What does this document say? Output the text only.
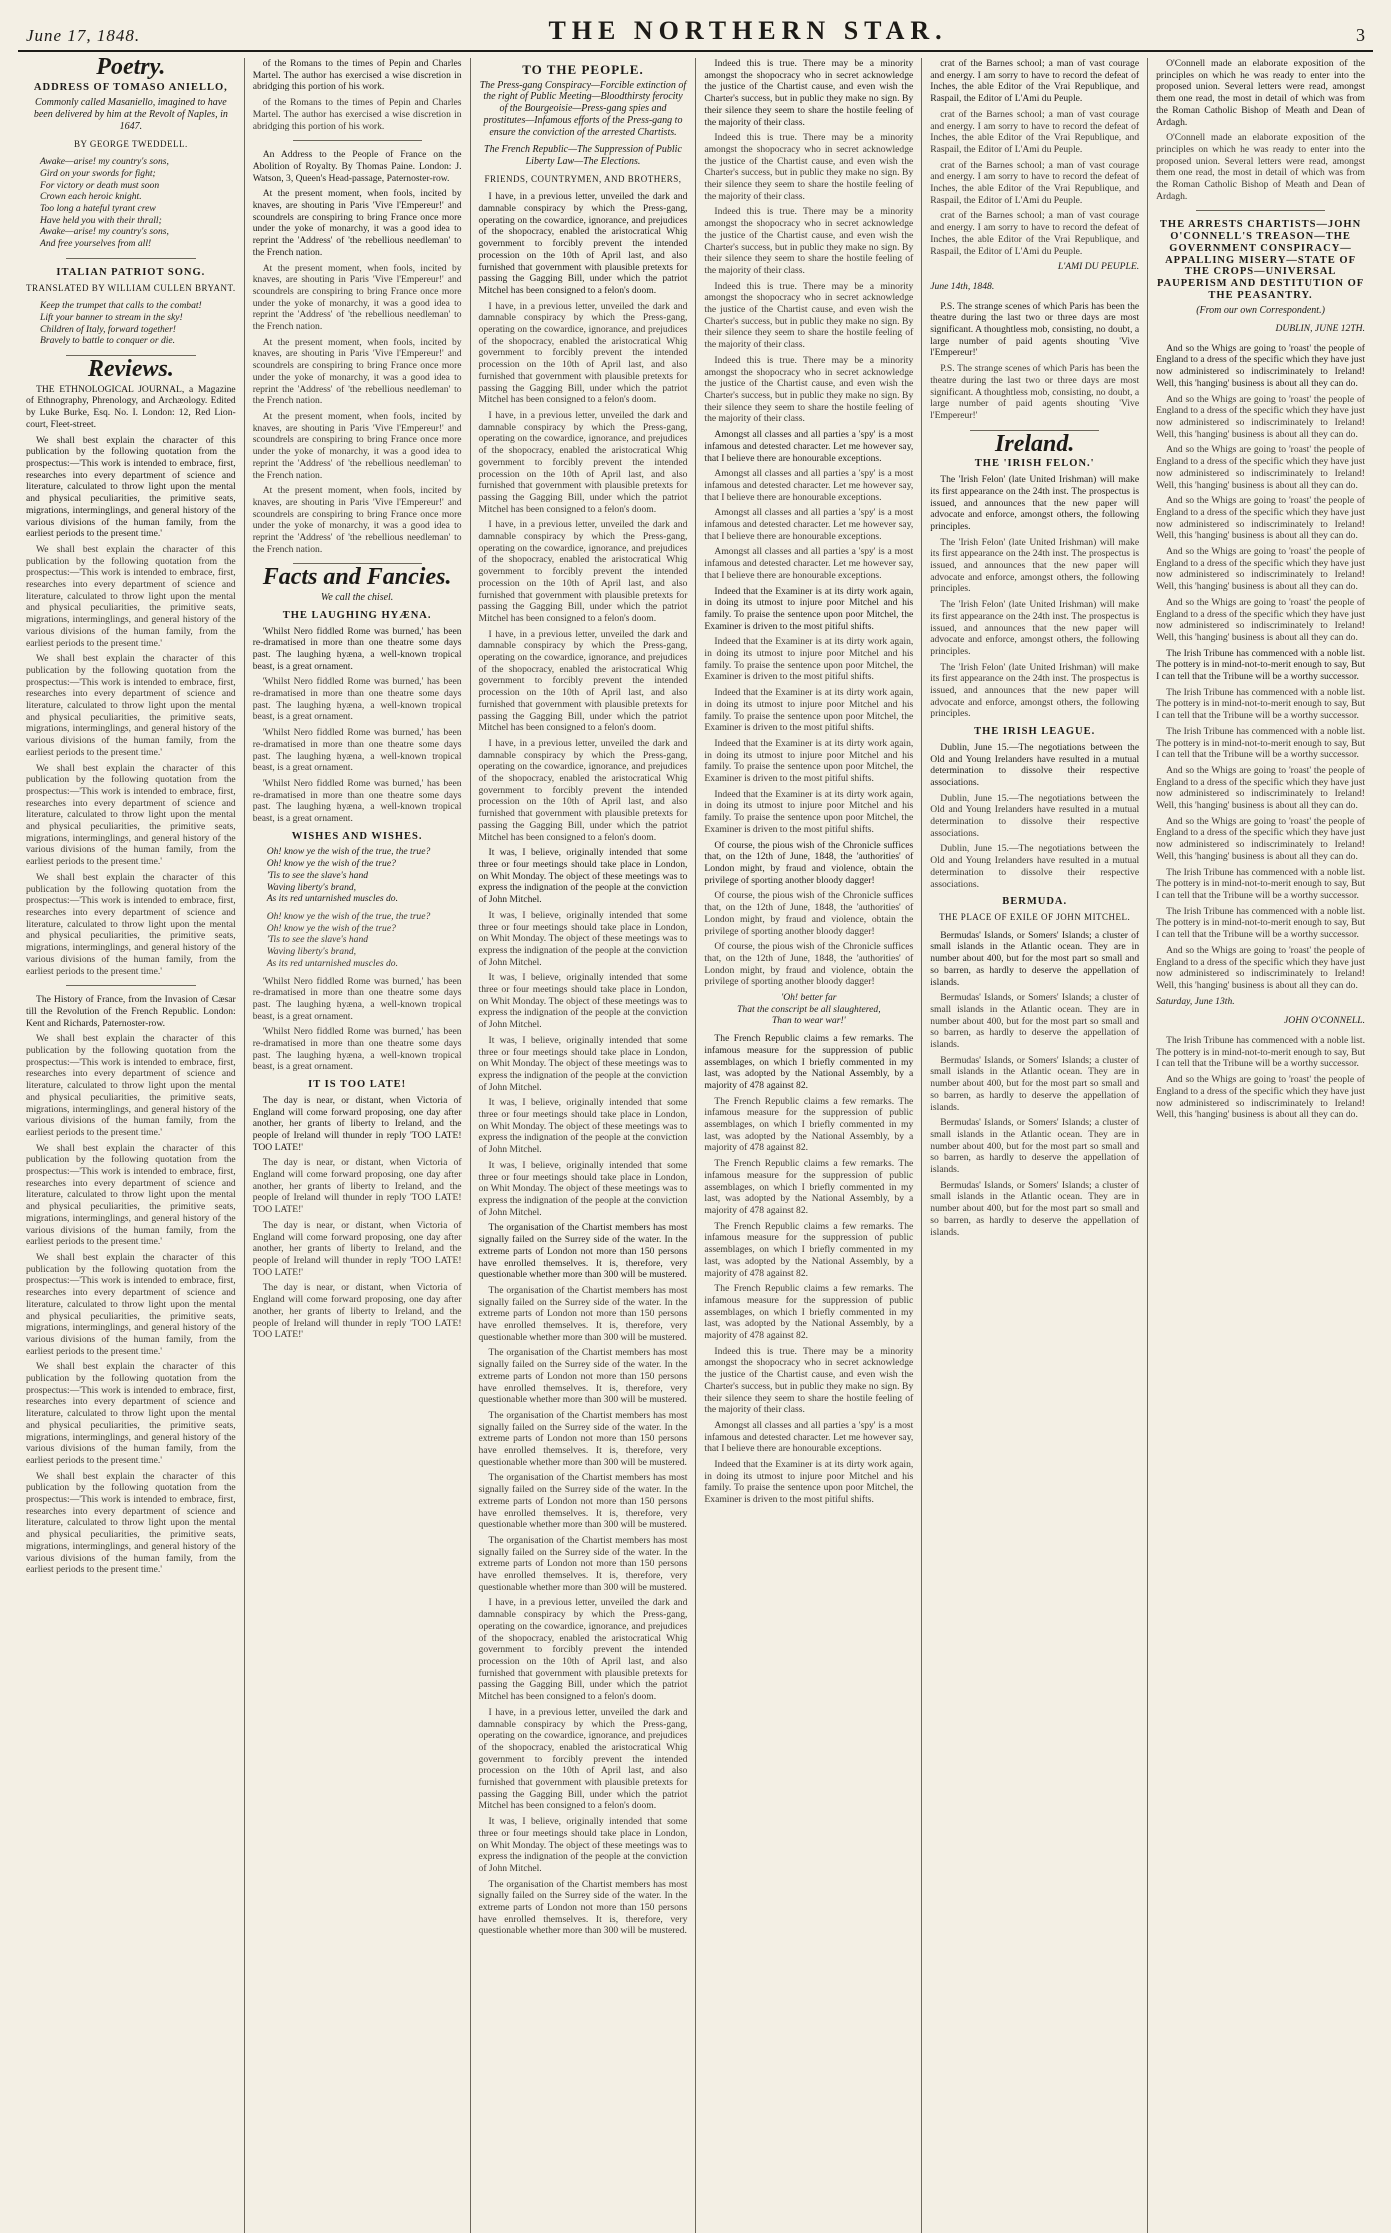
June 17, 1848.	THE NORTHERN STAR.	3
Poetry.
ADDRESS OF TOMASO ANIELLO,
Commonly called Masaniello, imagined to have been delivered by him at the Revolt of Naples, in 1647.
BY GEORGE TWEDDELL.
Awake—arise! my country's sons,
Gird on your swords for fight;
For victory or death must soon
Crown each heroic knight.
Too long a hateful tyrant crew
Have held you with their thrall;
Awake—arise! my country's sons,
And free yourselves from all!
ITALIAN PATRIOT SONG.
TRANSLATED BY WILLIAM CULLEN BRYANT.
Keep the trumpet that calls to the combat!
Lift your banner to stream in the sky!
Children of Italy, forward together!
Bravely to battle to conquer or die.
Reviews.

THE ETHNOLOGICAL JOURNAL, a Magazine of Ethnography, Phrenology, and Archæology. Edited by Luke Burke, Esq. No. I. London: 12, Red Lion-court, Fleet-street.

We shall best explain the character of this publication by the following quotation from the prospectus:—'This work is intended to embrace, first, researches into every department of science and literature, calculated to throw light upon the mental and physical peculiarities, the primitive seats, migrations, interminglings, and general history of the various divisions of the human family, from the earliest periods to the present time.'

We shall best explain the character of this publication by the following quotation from the prospectus:—'This work is intended to embrace, first, researches into every department of science and literature, calculated to throw light upon the mental and physical peculiarities, the primitive seats, migrations, interminglings, and general history of the various divisions of the human family, from the earliest periods to the present time.'

We shall best explain the character of this publication by the following quotation from the prospectus:—'This work is intended to embrace, first, researches into every department of science and literature, calculated to throw light upon the mental and physical peculiarities, the primitive seats, migrations, interminglings, and general history of the various divisions of the human family, from the earliest periods to the present time.'

We shall best explain the character of this publication by the following quotation from the prospectus:—'This work is intended to embrace, first, researches into every department of science and literature, calculated to throw light upon the mental and physical peculiarities, the primitive seats, migrations, interminglings, and general history of the various divisions of the human family, from the earliest periods to the present time.'

We shall best explain the character of this publication by the following quotation from the prospectus:—'This work is intended to embrace, first, researches into every department of science and literature, calculated to throw light upon the mental and physical peculiarities, the primitive seats, migrations, interminglings, and general history of the various divisions of the human family, from the earliest periods to the present time.'

The History of France, from the Invasion of Cæsar till the Revolution of the French Republic. London: Kent and Richards, Paternoster-row.

We shall best explain the character of this publication by the following quotation from the prospectus:—'This work is intended to embrace, first, researches into every department of science and literature, calculated to throw light upon the mental and physical peculiarities, the primitive seats, migrations, interminglings, and general history of the various divisions of the human family, from the earliest periods to the present time.'

We shall best explain the character of this publication by the following quotation from the prospectus:—'This work is intended to embrace, first, researches into every department of science and literature, calculated to throw light upon the mental and physical peculiarities, the primitive seats, migrations, interminglings, and general history of the various divisions of the human family, from the earliest periods to the present time.'

We shall best explain the character of this publication by the following quotation from the prospectus:—'This work is intended to embrace, first, researches into every department of science and literature, calculated to throw light upon the mental and physical peculiarities, the primitive seats, migrations, interminglings, and general history of the various divisions of the human family, from the earliest periods to the present time.'

We shall best explain the character of this publication by the following quotation from the prospectus:—'This work is intended to embrace, first, researches into every department of science and literature, calculated to throw light upon the mental and physical peculiarities, the primitive seats, migrations, interminglings, and general history of the various divisions of the human family, from the earliest periods to the present time.'

We shall best explain the character of this publication by the following quotation from the prospectus:—'This work is intended to embrace, first, researches into every department of science and literature, calculated to throw light upon the mental and physical peculiarities, the primitive seats, migrations, interminglings, and general history of the various divisions of the human family, from the earliest periods to the present time.'

of the Romans to the times of Pepin and Charles Martel. The author has exercised a wise discretion in abridging this portion of his work.

of the Romans to the times of Pepin and Charles Martel. The author has exercised a wise discretion in abridging this portion of his work.

An Address to the People of France on the Abolition of Royalty. By Thomas Paine. London: J. Watson, 3, Queen's Head-passage, Paternoster-row.

At the present moment, when fools, incited by knaves, are shouting in Paris 'Vive l'Empereur!' and scoundrels are conspiring to bring France once more under the yoke of monarchy, it was a good idea to reprint the 'Address' of 'the rebellious needleman' to the French nation.

At the present moment, when fools, incited by knaves, are shouting in Paris 'Vive l'Empereur!' and scoundrels are conspiring to bring France once more under the yoke of monarchy, it was a good idea to reprint the 'Address' of 'the rebellious needleman' to the French nation.

At the present moment, when fools, incited by knaves, are shouting in Paris 'Vive l'Empereur!' and scoundrels are conspiring to bring France once more under the yoke of monarchy, it was a good idea to reprint the 'Address' of 'the rebellious needleman' to the French nation.

At the present moment, when fools, incited by knaves, are shouting in Paris 'Vive l'Empereur!' and scoundrels are conspiring to bring France once more under the yoke of monarchy, it was a good idea to reprint the 'Address' of 'the rebellious needleman' to the French nation.

At the present moment, when fools, incited by knaves, are shouting in Paris 'Vive l'Empereur!' and scoundrels are conspiring to bring France once more under the yoke of monarchy, it was a good idea to reprint the 'Address' of 'the rebellious needleman' to the French nation.

Facts and Fancies.
We call the chisel.
THE LAUGHING HYÆNA.

'Whilst Nero fiddled Rome was burned,' has been re-dramatised in more than one theatre some days past. The laughing hyæna, a well-known tropical beast, is a great ornament.

'Whilst Nero fiddled Rome was burned,' has been re-dramatised in more than one theatre some days past. The laughing hyæna, a well-known tropical beast, is a great ornament.

'Whilst Nero fiddled Rome was burned,' has been re-dramatised in more than one theatre some days past. The laughing hyæna, a well-known tropical beast, is a great ornament.

'Whilst Nero fiddled Rome was burned,' has been re-dramatised in more than one theatre some days past. The laughing hyæna, a well-known tropical beast, is a great ornament.

WISHES AND WISHES.
Oh! know ye the wish of the true, the true?
Oh! know ye the wish of the true?
'Tis to see the slave's hand
Waving liberty's brand,
As its red untarnished muscles do.
Oh! know ye the wish of the true, the true?
Oh! know ye the wish of the true?
'Tis to see the slave's hand
Waving liberty's brand,
As its red untarnished muscles do.

'Whilst Nero fiddled Rome was burned,' has been re-dramatised in more than one theatre some days past. The laughing hyæna, a well-known tropical beast, is a great ornament.

'Whilst Nero fiddled Rome was burned,' has been re-dramatised in more than one theatre some days past. The laughing hyæna, a well-known tropical beast, is a great ornament.

IT IS TOO LATE!

The day is near, or distant, when Victoria of England will come forward proposing, one day after another, her grants of liberty to Ireland, and the people of Ireland will thunder in reply 'TOO LATE! TOO LATE!'

The day is near, or distant, when Victoria of England will come forward proposing, one day after another, her grants of liberty to Ireland, and the people of Ireland will thunder in reply 'TOO LATE! TOO LATE!'

The day is near, or distant, when Victoria of England will come forward proposing, one day after another, her grants of liberty to Ireland, and the people of Ireland will thunder in reply 'TOO LATE! TOO LATE!'

The day is near, or distant, when Victoria of England will come forward proposing, one day after another, her grants of liberty to Ireland, and the people of Ireland will thunder in reply 'TOO LATE! TOO LATE!'

TO THE PEOPLE.
The Press-gang Conspiracy—Forcible extinction of the right of Public Meeting—Bloodthirsty ferocity of the Bourgeoisie—Press-gang spies and prostitutes—Infamous efforts of the Press-gang to ensure the conviction of the arrested Chartists.
The French Republic—The Suppression of Public Liberty Law—The Elections.
FRIENDS, COUNTRYMEN, AND BROTHERS,

I have, in a previous letter, unveiled the dark and damnable conspiracy by which the Press-gang, operating on the cowardice, ignorance, and prejudices of the shopocracy, enabled the aristocratical Whig government to forcibly prevent the intended procession on the 10th of April last, and also furnished that government with plausible pretexts for passing the Gagging Bill, under which the patriot Mitchel has been consigned to a felon's doom.

I have, in a previous letter, unveiled the dark and damnable conspiracy by which the Press-gang, operating on the cowardice, ignorance, and prejudices of the shopocracy, enabled the aristocratical Whig government to forcibly prevent the intended procession on the 10th of April last, and also furnished that government with plausible pretexts for passing the Gagging Bill, under which the patriot Mitchel has been consigned to a felon's doom.

I have, in a previous letter, unveiled the dark and damnable conspiracy by which the Press-gang, operating on the cowardice, ignorance, and prejudices of the shopocracy, enabled the aristocratical Whig government to forcibly prevent the intended procession on the 10th of April last, and also furnished that government with plausible pretexts for passing the Gagging Bill, under which the patriot Mitchel has been consigned to a felon's doom.

I have, in a previous letter, unveiled the dark and damnable conspiracy by which the Press-gang, operating on the cowardice, ignorance, and prejudices of the shopocracy, enabled the aristocratical Whig government to forcibly prevent the intended procession on the 10th of April last, and also furnished that government with plausible pretexts for passing the Gagging Bill, under which the patriot Mitchel has been consigned to a felon's doom.

I have, in a previous letter, unveiled the dark and damnable conspiracy by which the Press-gang, operating on the cowardice, ignorance, and prejudices of the shopocracy, enabled the aristocratical Whig government to forcibly prevent the intended procession on the 10th of April last, and also furnished that government with plausible pretexts for passing the Gagging Bill, under which the patriot Mitchel has been consigned to a felon's doom.

I have, in a previous letter, unveiled the dark and damnable conspiracy by which the Press-gang, operating on the cowardice, ignorance, and prejudices of the shopocracy, enabled the aristocratical Whig government to forcibly prevent the intended procession on the 10th of April last, and also furnished that government with plausible pretexts for passing the Gagging Bill, under which the patriot Mitchel has been consigned to a felon's doom.

It was, I believe, originally intended that some three or four meetings should take place in London, on Whit Monday. The object of these meetings was to express the indignation of the people at the conviction of John Mitchel.

It was, I believe, originally intended that some three or four meetings should take place in London, on Whit Monday. The object of these meetings was to express the indignation of the people at the conviction of John Mitchel.

It was, I believe, originally intended that some three or four meetings should take place in London, on Whit Monday. The object of these meetings was to express the indignation of the people at the conviction of John Mitchel.

It was, I believe, originally intended that some three or four meetings should take place in London, on Whit Monday. The object of these meetings was to express the indignation of the people at the conviction of John Mitchel.

It was, I believe, originally intended that some three or four meetings should take place in London, on Whit Monday. The object of these meetings was to express the indignation of the people at the conviction of John Mitchel.

It was, I believe, originally intended that some three or four meetings should take place in London, on Whit Monday. The object of these meetings was to express the indignation of the people at the conviction of John Mitchel.

The organisation of the Chartist members has most signally failed on the Surrey side of the water. In the extreme parts of London not more than 150 persons have enrolled themselves. It is, therefore, very questionable whether more than 300 will be mustered.

The organisation of the Chartist members has most signally failed on the Surrey side of the water. In the extreme parts of London not more than 150 persons have enrolled themselves. It is, therefore, very questionable whether more than 300 will be mustered.

The organisation of the Chartist members has most signally failed on the Surrey side of the water. In the extreme parts of London not more than 150 persons have enrolled themselves. It is, therefore, very questionable whether more than 300 will be mustered.

The organisation of the Chartist members has most signally failed on the Surrey side of the water. In the extreme parts of London not more than 150 persons have enrolled themselves. It is, therefore, very questionable whether more than 300 will be mustered.

The organisation of the Chartist members has most signally failed on the Surrey side of the water. In the extreme parts of London not more than 150 persons have enrolled themselves. It is, therefore, very questionable whether more than 300 will be mustered.

The organisation of the Chartist members has most signally failed on the Surrey side of the water. In the extreme parts of London not more than 150 persons have enrolled themselves. It is, therefore, very questionable whether more than 300 will be mustered.

I have, in a previous letter, unveiled the dark and damnable conspiracy by which the Press-gang, operating on the cowardice, ignorance, and prejudices of the shopocracy, enabled the aristocratical Whig government to forcibly prevent the intended procession on the 10th of April last, and also furnished that government with plausible pretexts for passing the Gagging Bill, under which the patriot Mitchel has been consigned to a felon's doom.

I have, in a previous letter, unveiled the dark and damnable conspiracy by which the Press-gang, operating on the cowardice, ignorance, and prejudices of the shopocracy, enabled the aristocratical Whig government to forcibly prevent the intended procession on the 10th of April last, and also furnished that government with plausible pretexts for passing the Gagging Bill, under which the patriot Mitchel has been consigned to a felon's doom.

It was, I believe, originally intended that some three or four meetings should take place in London, on Whit Monday. The object of these meetings was to express the indignation of the people at the conviction of John Mitchel.

The organisation of the Chartist members has most signally failed on the Surrey side of the water. In the extreme parts of London not more than 150 persons have enrolled themselves. It is, therefore, very questionable whether more than 300 will be mustered.

Indeed this is true. There may be a minority amongst the shopocracy who in secret acknowledge the justice of the Chartist cause, and even wish the Charter's success, but in public they make no sign. By their silence they seem to share the hostile feeling of the majority of their class.

Indeed this is true. There may be a minority amongst the shopocracy who in secret acknowledge the justice of the Chartist cause, and even wish the Charter's success, but in public they make no sign. By their silence they seem to share the hostile feeling of the majority of their class.

Indeed this is true. There may be a minority amongst the shopocracy who in secret acknowledge the justice of the Chartist cause, and even wish the Charter's success, but in public they make no sign. By their silence they seem to share the hostile feeling of the majority of their class.

Indeed this is true. There may be a minority amongst the shopocracy who in secret acknowledge the justice of the Chartist cause, and even wish the Charter's success, but in public they make no sign. By their silence they seem to share the hostile feeling of the majority of their class.

Indeed this is true. There may be a minority amongst the shopocracy who in secret acknowledge the justice of the Chartist cause, and even wish the Charter's success, but in public they make no sign. By their silence they seem to share the hostile feeling of the majority of their class.

Amongst all classes and all parties a 'spy' is a most infamous and detested character. Let me however say, that I believe there are honourable exceptions.

Amongst all classes and all parties a 'spy' is a most infamous and detested character. Let me however say, that I believe there are honourable exceptions.

Amongst all classes and all parties a 'spy' is a most infamous and detested character. Let me however say, that I believe there are honourable exceptions.

Amongst all classes and all parties a 'spy' is a most infamous and detested character. Let me however say, that I believe there are honourable exceptions.

Indeed that the Examiner is at its dirty work again, in doing its utmost to injure poor Mitchel and his family. To praise the sentence upon poor Mitchel, the Examiner is driven to the most pitiful shifts.

Indeed that the Examiner is at its dirty work again, in doing its utmost to injure poor Mitchel and his family. To praise the sentence upon poor Mitchel, the Examiner is driven to the most pitiful shifts.

Indeed that the Examiner is at its dirty work again, in doing its utmost to injure poor Mitchel and his family. To praise the sentence upon poor Mitchel, the Examiner is driven to the most pitiful shifts.

Indeed that the Examiner is at its dirty work again, in doing its utmost to injure poor Mitchel and his family. To praise the sentence upon poor Mitchel, the Examiner is driven to the most pitiful shifts.

Indeed that the Examiner is at its dirty work again, in doing its utmost to injure poor Mitchel and his family. To praise the sentence upon poor Mitchel, the Examiner is driven to the most pitiful shifts.

Of course, the pious wish of the Chronicle suffices that, on the 12th of June, 1848, the 'authorities' of London might, by fraud and violence, obtain the privilege of sporting another bloody dagger!

Of course, the pious wish of the Chronicle suffices that, on the 12th of June, 1848, the 'authorities' of London might, by fraud and violence, obtain the privilege of sporting another bloody dagger!

Of course, the pious wish of the Chronicle suffices that, on the 12th of June, 1848, the 'authorities' of London might, by fraud and violence, obtain the privilege of sporting another bloody dagger!

'Oh! better far
That the conscript be all slaughtered,
Than to wear war!'

The French Republic claims a few remarks. The infamous measure for the suppression of public assemblages, on which I briefly commented in my last, was adopted by the National Assembly, by a majority of 478 against 82.

The French Republic claims a few remarks. The infamous measure for the suppression of public assemblages, on which I briefly commented in my last, was adopted by the National Assembly, by a majority of 478 against 82.

The French Republic claims a few remarks. The infamous measure for the suppression of public assemblages, on which I briefly commented in my last, was adopted by the National Assembly, by a majority of 478 against 82.

The French Republic claims a few remarks. The infamous measure for the suppression of public assemblages, on which I briefly commented in my last, was adopted by the National Assembly, by a majority of 478 against 82.

The French Republic claims a few remarks. The infamous measure for the suppression of public assemblages, on which I briefly commented in my last, was adopted by the National Assembly, by a majority of 478 against 82.

Indeed this is true. There may be a minority amongst the shopocracy who in secret acknowledge the justice of the Chartist cause, and even wish the Charter's success, but in public they make no sign. By their silence they seem to share the hostile feeling of the majority of their class.

Amongst all classes and all parties a 'spy' is a most infamous and detested character. Let me however say, that I believe there are honourable exceptions.

Indeed that the Examiner is at its dirty work again, in doing its utmost to injure poor Mitchel and his family. To praise the sentence upon poor Mitchel, the Examiner is driven to the most pitiful shifts.

crat of the Barnes school; a man of vast courage and energy. I am sorry to have to record the defeat of Inches, the able Editor of the Vrai Republique, and Raspail, the Editor of L'Ami du Peuple.

crat of the Barnes school; a man of vast courage and energy. I am sorry to have to record the defeat of Inches, the able Editor of the Vrai Republique, and Raspail, the Editor of L'Ami du Peuple.

crat of the Barnes school; a man of vast courage and energy. I am sorry to have to record the defeat of Inches, the able Editor of the Vrai Republique, and Raspail, the Editor of L'Ami du Peuple.

crat of the Barnes school; a man of vast courage and energy. I am sorry to have to record the defeat of Inches, the able Editor of the Vrai Republique, and Raspail, the Editor of L'Ami du Peuple.

L'AMI DU PEUPLE.
June 14th, 1848.

P.S. The strange scenes of which Paris has been the theatre during the last two or three days are most significant. A thoughtless mob, consisting, no doubt, a large number of paid agents shouting 'Vive l'Empereur!'

P.S. The strange scenes of which Paris has been the theatre during the last two or three days are most significant. A thoughtless mob, consisting, no doubt, a large number of paid agents shouting 'Vive l'Empereur!'

Ireland.
THE 'IRISH FELON.'

The 'Irish Felon' (late United Irishman) will make its first appearance on the 24th inst. The prospectus is issued, and announces that the new paper will advocate and enforce, amongst others, the following principles.

The 'Irish Felon' (late United Irishman) will make its first appearance on the 24th inst. The prospectus is issued, and announces that the new paper will advocate and enforce, amongst others, the following principles.

The 'Irish Felon' (late United Irishman) will make its first appearance on the 24th inst. The prospectus is issued, and announces that the new paper will advocate and enforce, amongst others, the following principles.

The 'Irish Felon' (late United Irishman) will make its first appearance on the 24th inst. The prospectus is issued, and announces that the new paper will advocate and enforce, amongst others, the following principles.

THE IRISH LEAGUE.

Dublin, June 15.—The negotiations between the Old and Young Irelanders have resulted in a mutual determination to dissolve their respective associations.

Dublin, June 15.—The negotiations between the Old and Young Irelanders have resulted in a mutual determination to dissolve their respective associations.

Dublin, June 15.—The negotiations between the Old and Young Irelanders have resulted in a mutual determination to dissolve their respective associations.

BERMUDA.
THE PLACE OF EXILE OF JOHN MITCHEL.

Bermudas' Islands, or Somers' Islands; a cluster of small islands in the Atlantic ocean. They are in number about 400, but for the most part so small and so barren, as hardly to deserve the appellation of islands.

Bermudas' Islands, or Somers' Islands; a cluster of small islands in the Atlantic ocean. They are in number about 400, but for the most part so small and so barren, as hardly to deserve the appellation of islands.

Bermudas' Islands, or Somers' Islands; a cluster of small islands in the Atlantic ocean. They are in number about 400, but for the most part so small and so barren, as hardly to deserve the appellation of islands.

Bermudas' Islands, or Somers' Islands; a cluster of small islands in the Atlantic ocean. They are in number about 400, but for the most part so small and so barren, as hardly to deserve the appellation of islands.

Bermudas' Islands, or Somers' Islands; a cluster of small islands in the Atlantic ocean. They are in number about 400, but for the most part so small and so barren, as hardly to deserve the appellation of islands.

O'Connell made an elaborate exposition of the principles on which he was ready to enter into the proposed union. Several letters were read, amongst them one read, the most in detail of which was from the Roman Catholic Bishop of Meath and Dean of Ardagh.

O'Connell made an elaborate exposition of the principles on which he was ready to enter into the proposed union. Several letters were read, amongst them one read, the most in detail of which was from the Roman Catholic Bishop of Meath and Dean of Ardagh.

THE ARRESTS CHARTISTS—JOHN O'CONNELL'S TREASON—THE GOVERNMENT CONSPIRACY—APPALLING MISERY—STATE OF THE CROPS—UNIVERSAL PAUPERISM AND DESTITUTION OF THE PEASANTRY.
(From our own Correspondent.)
DUBLIN, JUNE 12TH.

And so the Whigs are going to 'roast' the people of England to a dress of the specific which they have just now administered so indiscriminately to Ireland! Well, this 'hanging' business is about all they can do.

And so the Whigs are going to 'roast' the people of England to a dress of the specific which they have just now administered so indiscriminately to Ireland! Well, this 'hanging' business is about all they can do.

And so the Whigs are going to 'roast' the people of England to a dress of the specific which they have just now administered so indiscriminately to Ireland! Well, this 'hanging' business is about all they can do.

And so the Whigs are going to 'roast' the people of England to a dress of the specific which they have just now administered so indiscriminately to Ireland! Well, this 'hanging' business is about all they can do.

And so the Whigs are going to 'roast' the people of England to a dress of the specific which they have just now administered so indiscriminately to Ireland! Well, this 'hanging' business is about all they can do.

And so the Whigs are going to 'roast' the people of England to a dress of the specific which they have just now administered so indiscriminately to Ireland! Well, this 'hanging' business is about all they can do.

The Irish Tribune has commenced with a noble list. The pottery is in mind-not-to-merit enough to say, But I can tell that the Tribune will be a worthy successor.

The Irish Tribune has commenced with a noble list. The pottery is in mind-not-to-merit enough to say, But I can tell that the Tribune will be a worthy successor.

The Irish Tribune has commenced with a noble list. The pottery is in mind-not-to-merit enough to say, But I can tell that the Tribune will be a worthy successor.

And so the Whigs are going to 'roast' the people of England to a dress of the specific which they have just now administered so indiscriminately to Ireland! Well, this 'hanging' business is about all they can do.

And so the Whigs are going to 'roast' the people of England to a dress of the specific which they have just now administered so indiscriminately to Ireland! Well, this 'hanging' business is about all they can do.

The Irish Tribune has commenced with a noble list. The pottery is in mind-not-to-merit enough to say, But I can tell that the Tribune will be a worthy successor.

The Irish Tribune has commenced with a noble list. The pottery is in mind-not-to-merit enough to say, But I can tell that the Tribune will be a worthy successor.

And so the Whigs are going to 'roast' the people of England to a dress of the specific which they have just now administered so indiscriminately to Ireland! Well, this 'hanging' business is about all they can do.

Saturday, June 13th.
JOHN O'CONNELL.

The Irish Tribune has commenced with a noble list. The pottery is in mind-not-to-merit enough to say, But I can tell that the Tribune will be a worthy successor.

And so the Whigs are going to 'roast' the people of England to a dress of the specific which they have just now administered so indiscriminately to Ireland! Well, this 'hanging' business is about all they can do.
